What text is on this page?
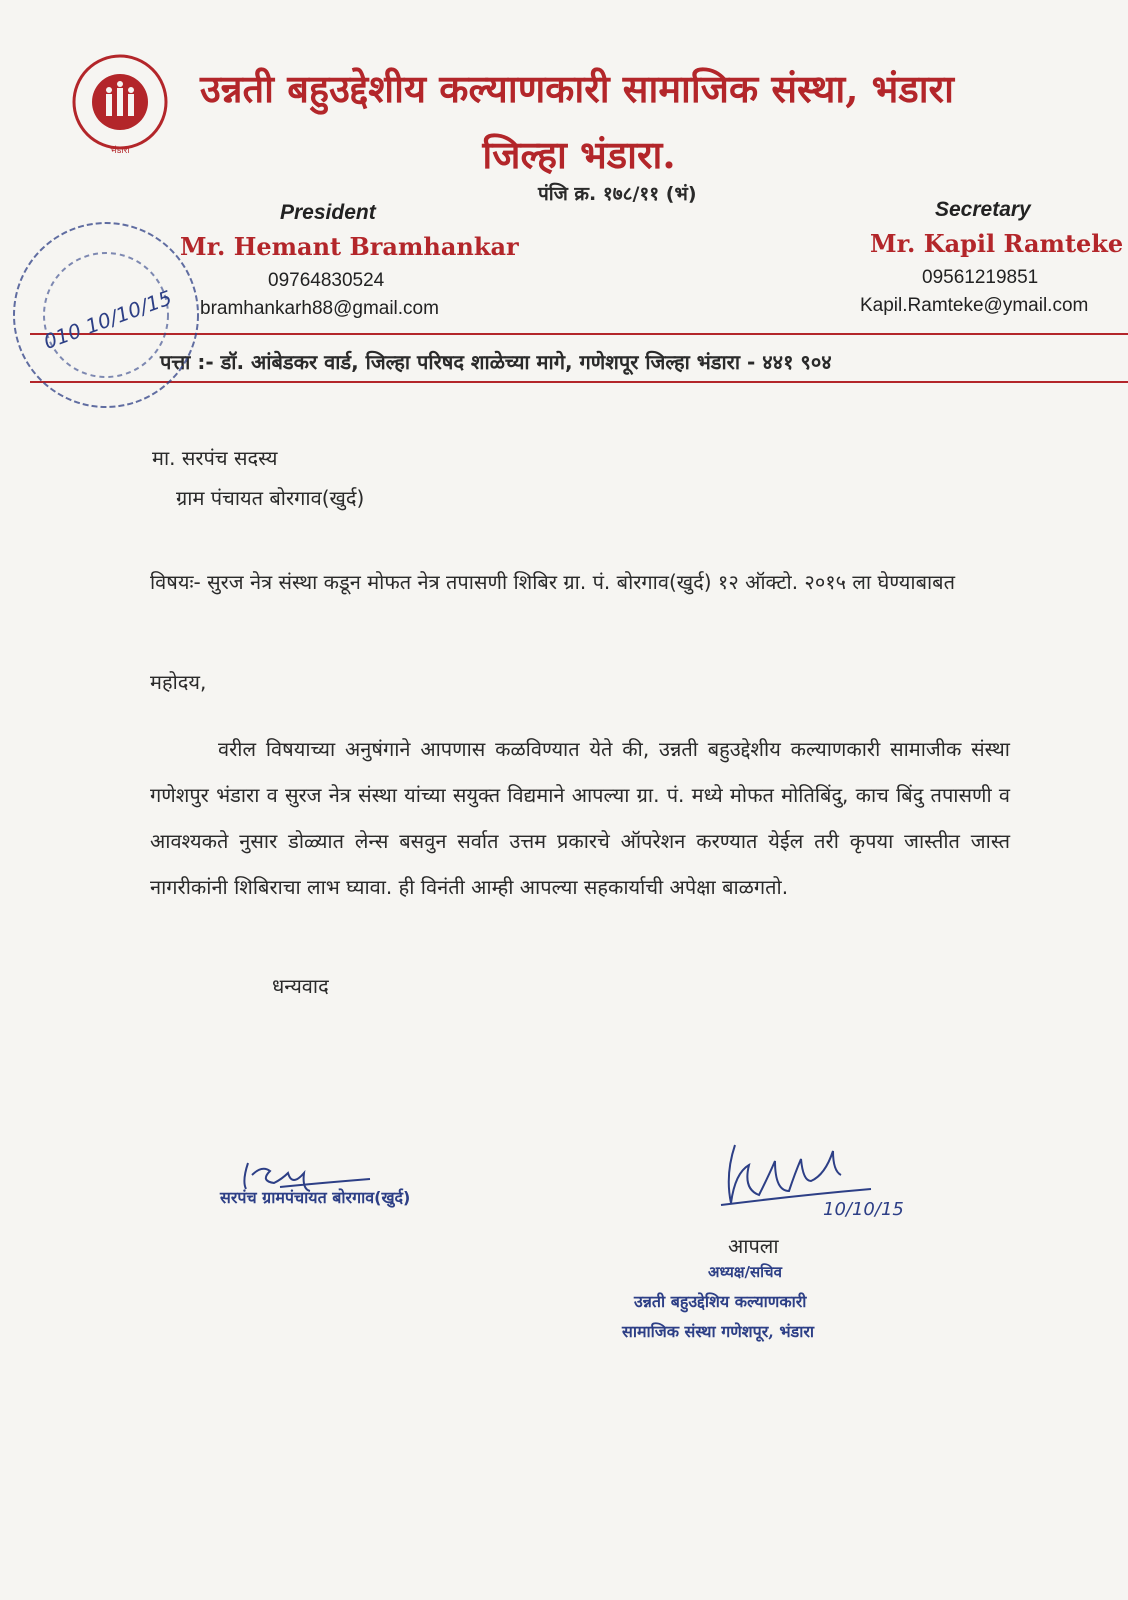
भंडारा
उन्नती बहुउद्देशीय कल्याणकारी सामाजिक संस्था, भंडारा
जिल्हा भंडारा.
पंजि क्र. १७८/११ (भं)
President
Mr. Hemant Bramhankar
09764830524
bramhankarh88@gmail.com
Secretary
Mr. Kapil Ramteke
09561219851
Kapil.Ramteke@ymail.com
पत्ता :- डॉ. आंबेडकर वार्ड, जिल्हा परिषद शाळेच्या मागे, गणेशपूर जिल्हा भंडारा - ४४१ ९०४
010 10/10/15
मा. सरपंच सदस्य
ग्राम पंचायत बोरगाव(खुर्द)
विषयः- सुरज नेत्र संस्था कडून मोफत नेत्र तपासणी शिबिर ग्रा. पं. बोरगाव(खुर्द) १२ ऑक्टो. २०१५ ला घेण्याबाबत
महोदय,
वरील विषयाच्या अनुषंगाने आपणास कळविण्यात येते की, उन्नती बहुउद्देशीय कल्याणकारी सामाजीक संस्था गणेशपुर भंडारा व सुरज नेत्र संस्था यांच्या सयुक्त विद्यमाने आपल्या ग्रा. पं. मध्ये मोफत मोतिबिंदु, काच बिंदु तपासणी व आवश्यकते नुसार डोळ्यात लेन्स बसवुन सर्वात उत्तम प्रकारचे ऑपरेशन करण्यात येईल तरी कृपया जास्तीत जास्त नागरीकांनी शिबिराचा लाभ घ्यावा. ही विनंती आम्ही आपल्या सहकार्याची अपेक्षा बाळगतो.
धन्यवाद
सरपंच ग्रामपंचायत बोरगाव(खुर्द)
10/10/15
आपला
अध्यक्ष/सचिव
उन्नती बहुउद्देशिय कल्याणकारी
सामाजिक संस्था गणेशपूर, भंडारा
